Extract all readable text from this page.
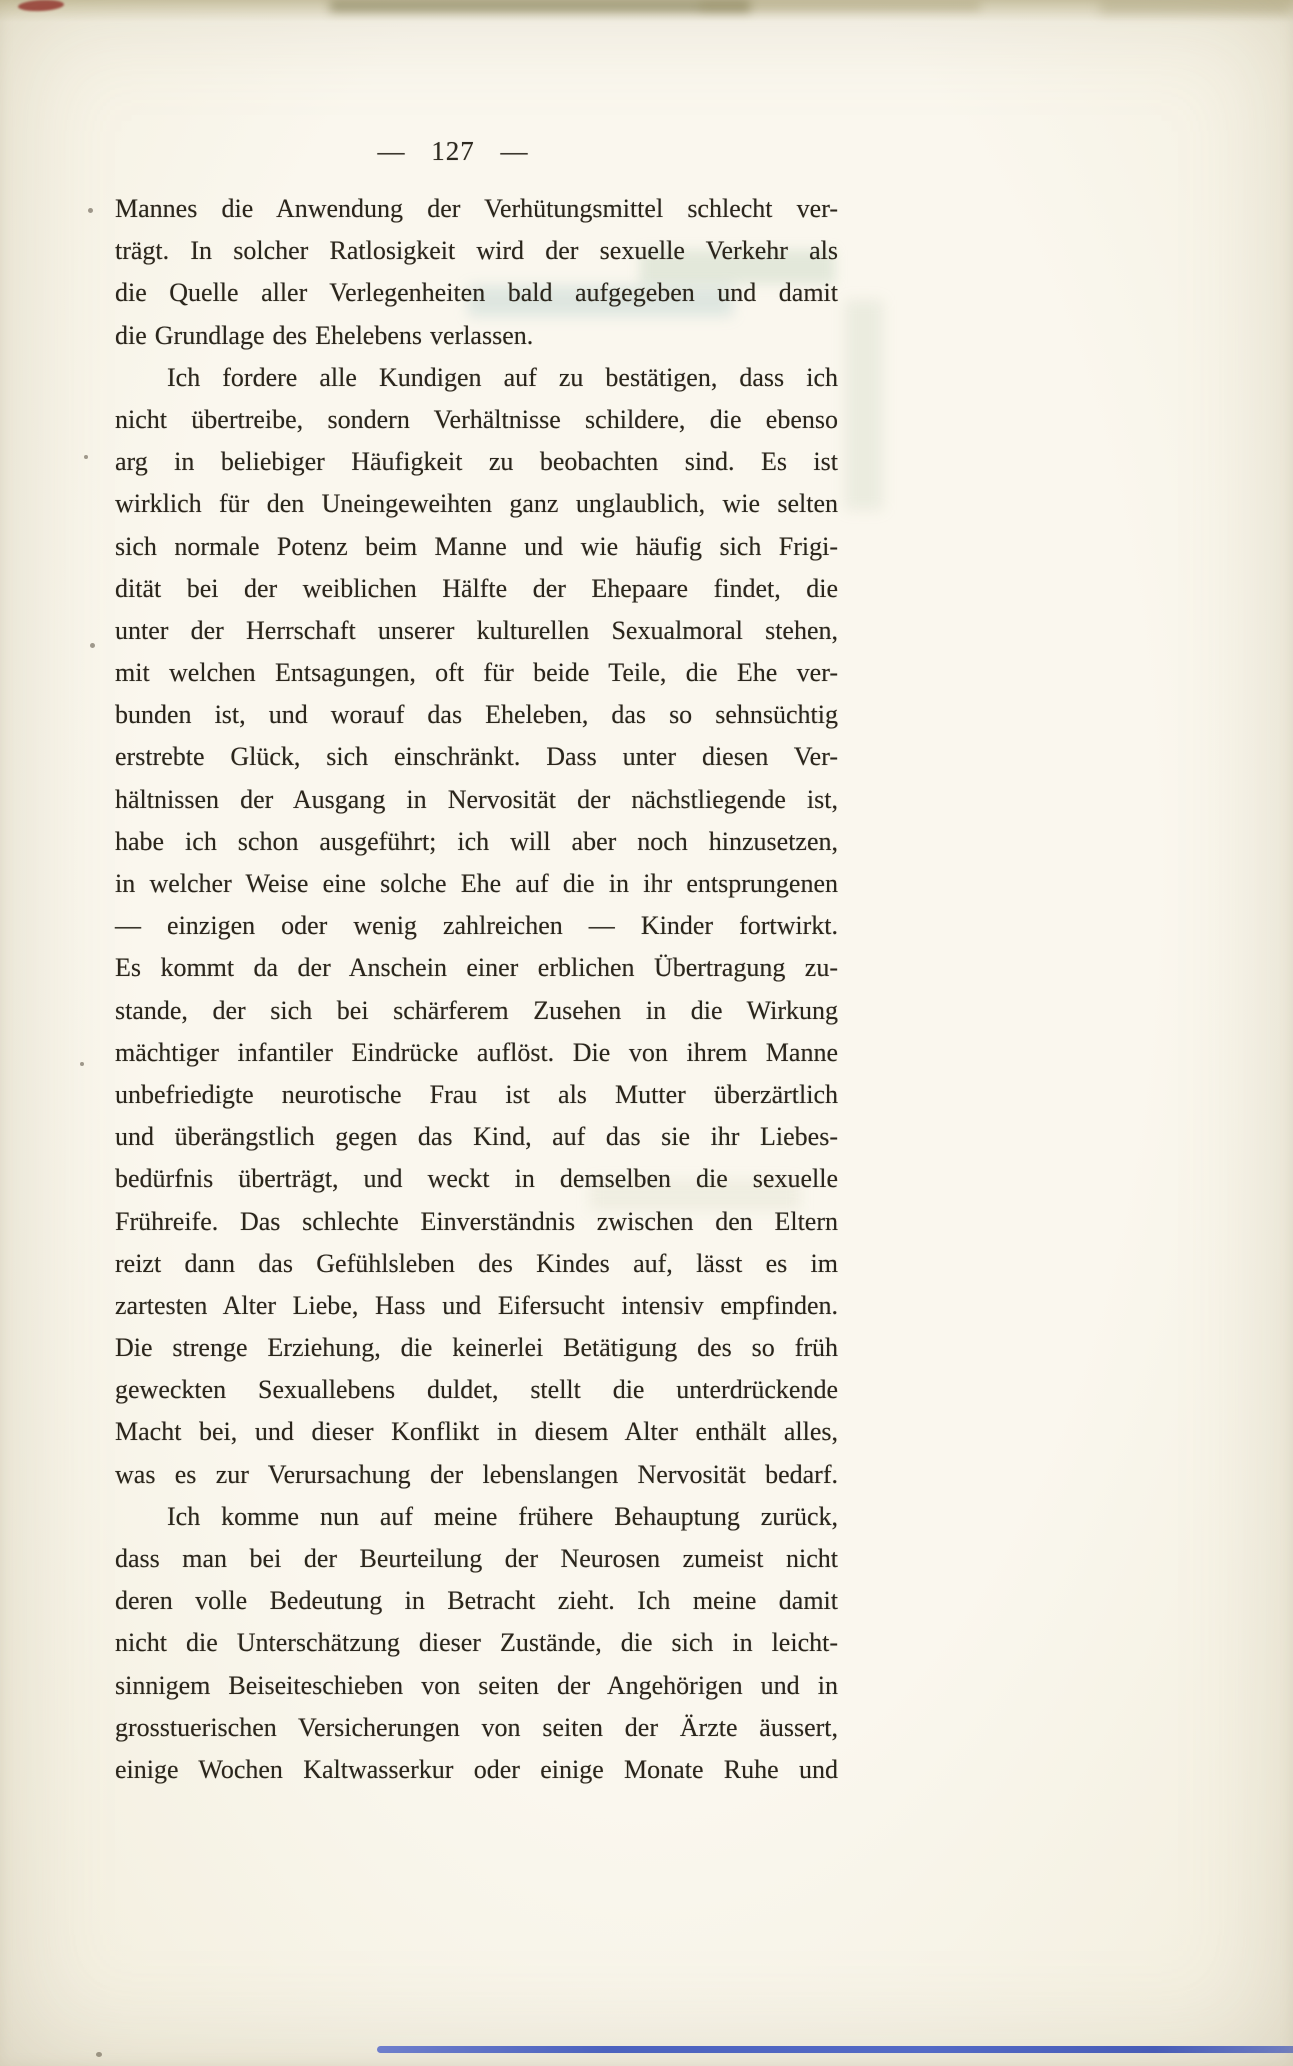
— 127 —
Mannes die Anwendung der Verhütungsmittel schlecht ver-
trägt. In solcher Ratlosigkeit wird der sexuelle Verkehr als
die Quelle aller Verlegenheiten bald aufgegeben und damit
die Grundlage des Ehelebens verlassen.
Ich fordere alle Kundigen auf zu bestätigen, dass ich
nicht übertreibe, sondern Verhältnisse schildere, die ebenso
arg in beliebiger Häufigkeit zu beobachten sind. Es ist
wirklich für den Uneingeweihten ganz unglaublich, wie selten
sich normale Potenz beim Manne und wie häufig sich Frigi-
dität bei der weiblichen Hälfte der Ehepaare findet, die
unter der Herrschaft unserer kulturellen Sexualmoral stehen,
mit welchen Entsagungen, oft für beide Teile, die Ehe ver-
bunden ist, und worauf das Eheleben, das so sehnsüchtig
erstrebte Glück, sich einschränkt. Dass unter diesen Ver-
hältnissen der Ausgang in Nervosität der nächstliegende ist,
habe ich schon ausgeführt; ich will aber noch hinzusetzen,
in welcher Weise eine solche Ehe auf die in ihr entsprungenen
— einzigen oder wenig zahlreichen — Kinder fortwirkt.
Es kommt da der Anschein einer erblichen Übertragung zu-
stande, der sich bei schärferem Zusehen in die Wirkung
mächtiger infantiler Eindrücke auflöst. Die von ihrem Manne
unbefriedigte neurotische Frau ist als Mutter überzärtlich
und überängstlich gegen das Kind, auf das sie ihr Liebes-
bedürfnis überträgt, und weckt in demselben die sexuelle
Frühreife. Das schlechte Einverständnis zwischen den Eltern
reizt dann das Gefühlsleben des Kindes auf, lässt es im
zartesten Alter Liebe, Hass und Eifersucht intensiv empfinden.
Die strenge Erziehung, die keinerlei Betätigung des so früh
geweckten Sexuallebens duldet, stellt die unterdrückende
Macht bei, und dieser Konflikt in diesem Alter enthält alles,
was es zur Verursachung der lebenslangen Nervosität bedarf.
Ich komme nun auf meine frühere Behauptung zurück,
dass man bei der Beurteilung der Neurosen zumeist nicht
deren volle Bedeutung in Betracht zieht. Ich meine damit
nicht die Unterschätzung dieser Zustände, die sich in leicht-
sinnigem Beiseiteschieben von seiten der Angehörigen und in
grosstuerischen Versicherungen von seiten der Ärzte äussert,
einige Wochen Kaltwasserkur oder einige Monate Ruhe und
